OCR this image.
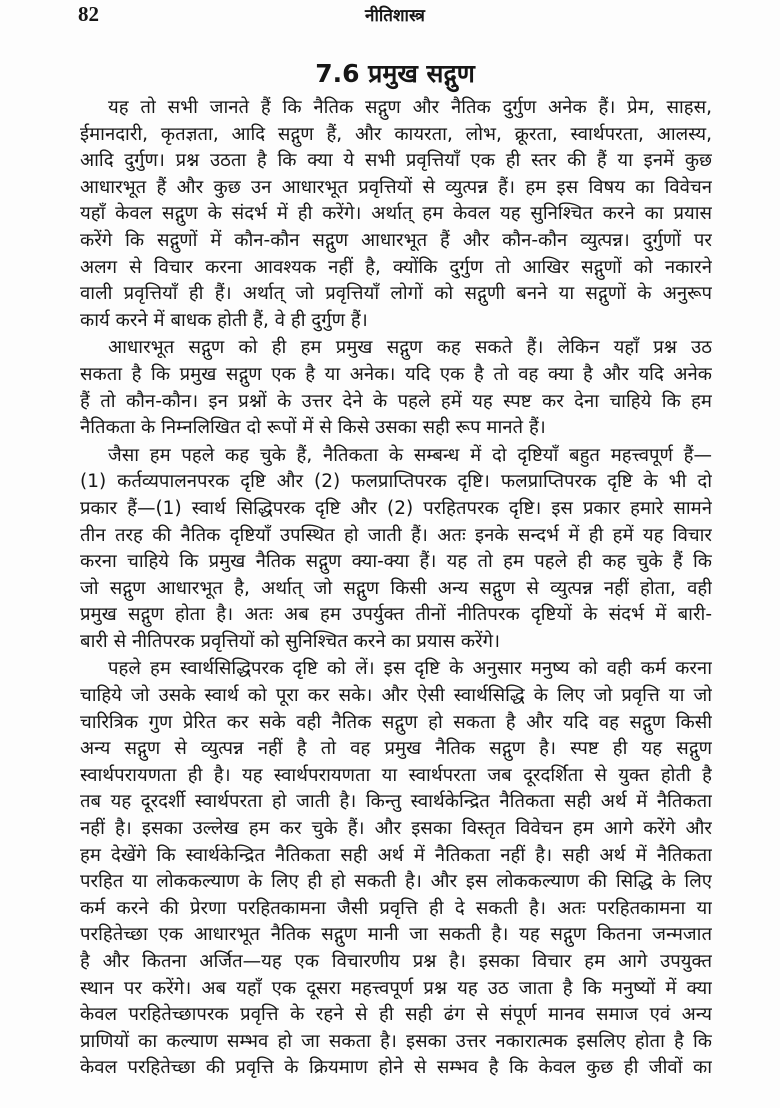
82	नीतिशास्त्र
7.6 प्रमुख सद्गुण
यह तो सभी जानते हैं कि नैतिक सद्गुण और नैतिक दुर्गुण अनेक हैं। प्रेम, साहस,
ईमानदारी, कृतज्ञता, आदि सद्गुण हैं, और कायरता, लोभ, क्रूरता, स्वार्थपरता, आलस्य,
आदि दुर्गुण। प्रश्न उठता है कि क्या ये सभी प्रवृत्तियाँ एक ही स्तर की हैं या इनमें कुछ
आधारभूत हैं और कुछ उन आधारभूत प्रवृत्तियों से व्युत्पन्न हैं। हम इस विषय का विवेचन
यहाँ केवल सद्गुण के संदर्भ में ही करेंगे। अर्थात् हम केवल यह सुनिश्चित करने का प्रयास
करेंगे कि सद्गुणों में कौन-कौन सद्गुण आधारभूत हैं और कौन-कौन व्युत्पन्न। दुर्गुणों पर
अलग से विचार करना आवश्यक नहीं है, क्योंकि दुर्गुण तो आखिर सद्गुणों को नकारने
वाली प्रवृत्तियाँ ही हैं। अर्थात् जो प्रवृत्तियाँ लोगों को सद्गुणी बनने या सद्गुणों के अनुरूप
कार्य करने में बाधक होती हैं, वे ही दुर्गुण हैं।
आधारभूत सद्गुण को ही हम प्रमुख सद्गुण कह सकते हैं। लेकिन यहाँ प्रश्न उठ
सकता है कि प्रमुख सद्गुण एक है या अनेक। यदि एक है तो वह क्या है और यदि अनेक
हैं तो कौन-कौन। इन प्रश्नों के उत्तर देने के पहले हमें यह स्पष्ट कर देना चाहिये कि हम
नैतिकता के निम्नलिखित दो रूपों में से किसे उसका सही रूप मानते हैं।
जैसा हम पहले कह चुके हैं, नैतिकता के सम्बन्ध में दो दृष्टियाँ बहुत महत्त्वपूर्ण हैं—
(1) कर्तव्यपालनपरक दृष्टि और (2) फलप्राप्तिपरक दृष्टि। फलप्राप्तिपरक दृष्टि के भी दो
प्रकार हैं—(1) स्वार्थ सिद्धिपरक दृष्टि और (2) परहितपरक दृष्टि। इस प्रकार हमारे सामने
तीन तरह की नैतिक दृष्टियाँ उपस्थित हो जाती हैं। अतः इनके सन्दर्भ में ही हमें यह विचार
करना चाहिये कि प्रमुख नैतिक सद्गुण क्या-क्या हैं। यह तो हम पहले ही कह चुके हैं कि
जो सद्गुण आधारभूत है, अर्थात् जो सद्गुण किसी अन्य सद्गुण से व्युत्पन्न नहीं होता, वही
प्रमुख सद्गुण होता है। अतः अब हम उपर्युक्त तीनों नीतिपरक दृष्टियों के संदर्भ में बारी-
बारी से नीतिपरक प्रवृत्तियों को सुनिश्चित करने का प्रयास करेंगे।
पहले हम स्वार्थसिद्धिपरक दृष्टि को लें। इस दृष्टि के अनुसार मनुष्य को वही कर्म करना
चाहिये जो उसके स्वार्थ को पूरा कर सके। और ऐसी स्वार्थसिद्धि के लिए जो प्रवृत्ति या जो
चारित्रिक गुण प्रेरित कर सके वही नैतिक सद्गुण हो सकता है और यदि वह सद्गुण किसी
अन्य सद्गुण से व्युत्पन्न नहीं है तो वह प्रमुख नैतिक सद्गुण है। स्पष्ट ही यह सद्गुण
स्वार्थपरायणता ही है। यह स्वार्थपरायणता या स्वार्थपरता जब दूरदर्शिता से युक्त होती है
तब यह दूरदर्शी स्वार्थपरता हो जाती है। किन्तु स्वार्थकेन्द्रित नैतिकता सही अर्थ में नैतिकता
नहीं है। इसका उल्लेख हम कर चुके हैं। और इसका विस्तृत विवेचन हम आगे करेंगे और
हम देखेंगे कि स्वार्थकेन्द्रित नैतिकता सही अर्थ में नैतिकता नहीं है। सही अर्थ में नैतिकता
परहित या लोककल्याण के लिए ही हो सकती है। और इस लोककल्याण की सिद्धि के लिए
कर्म करने की प्रेरणा परहितकामना जैसी प्रवृत्ति ही दे सकती है। अतः परहितकामना या
परहितेच्छा एक आधारभूत नैतिक सद्गुण मानी जा सकती है। यह सद्गुण कितना जन्मजात
है और कितना अर्जित—यह एक विचारणीय प्रश्न है। इसका विचार हम आगे उपयुक्त
स्थान पर करेंगे। अब यहाँ एक दूसरा महत्त्वपूर्ण प्रश्न यह उठ जाता है कि मनुष्यों में क्या
केवल परहितेच्छापरक प्रवृत्ति के रहने से ही सही ढंग से संपूर्ण मानव समाज एवं अन्य
प्राणियों का कल्याण सम्भव हो जा सकता है। इसका उत्तर नकारात्मक इसलिए होता है कि
केवल परहितेच्छा की प्रवृत्ति के क्रियमाण होने से सम्भव है कि केवल कुछ ही जीवों का
